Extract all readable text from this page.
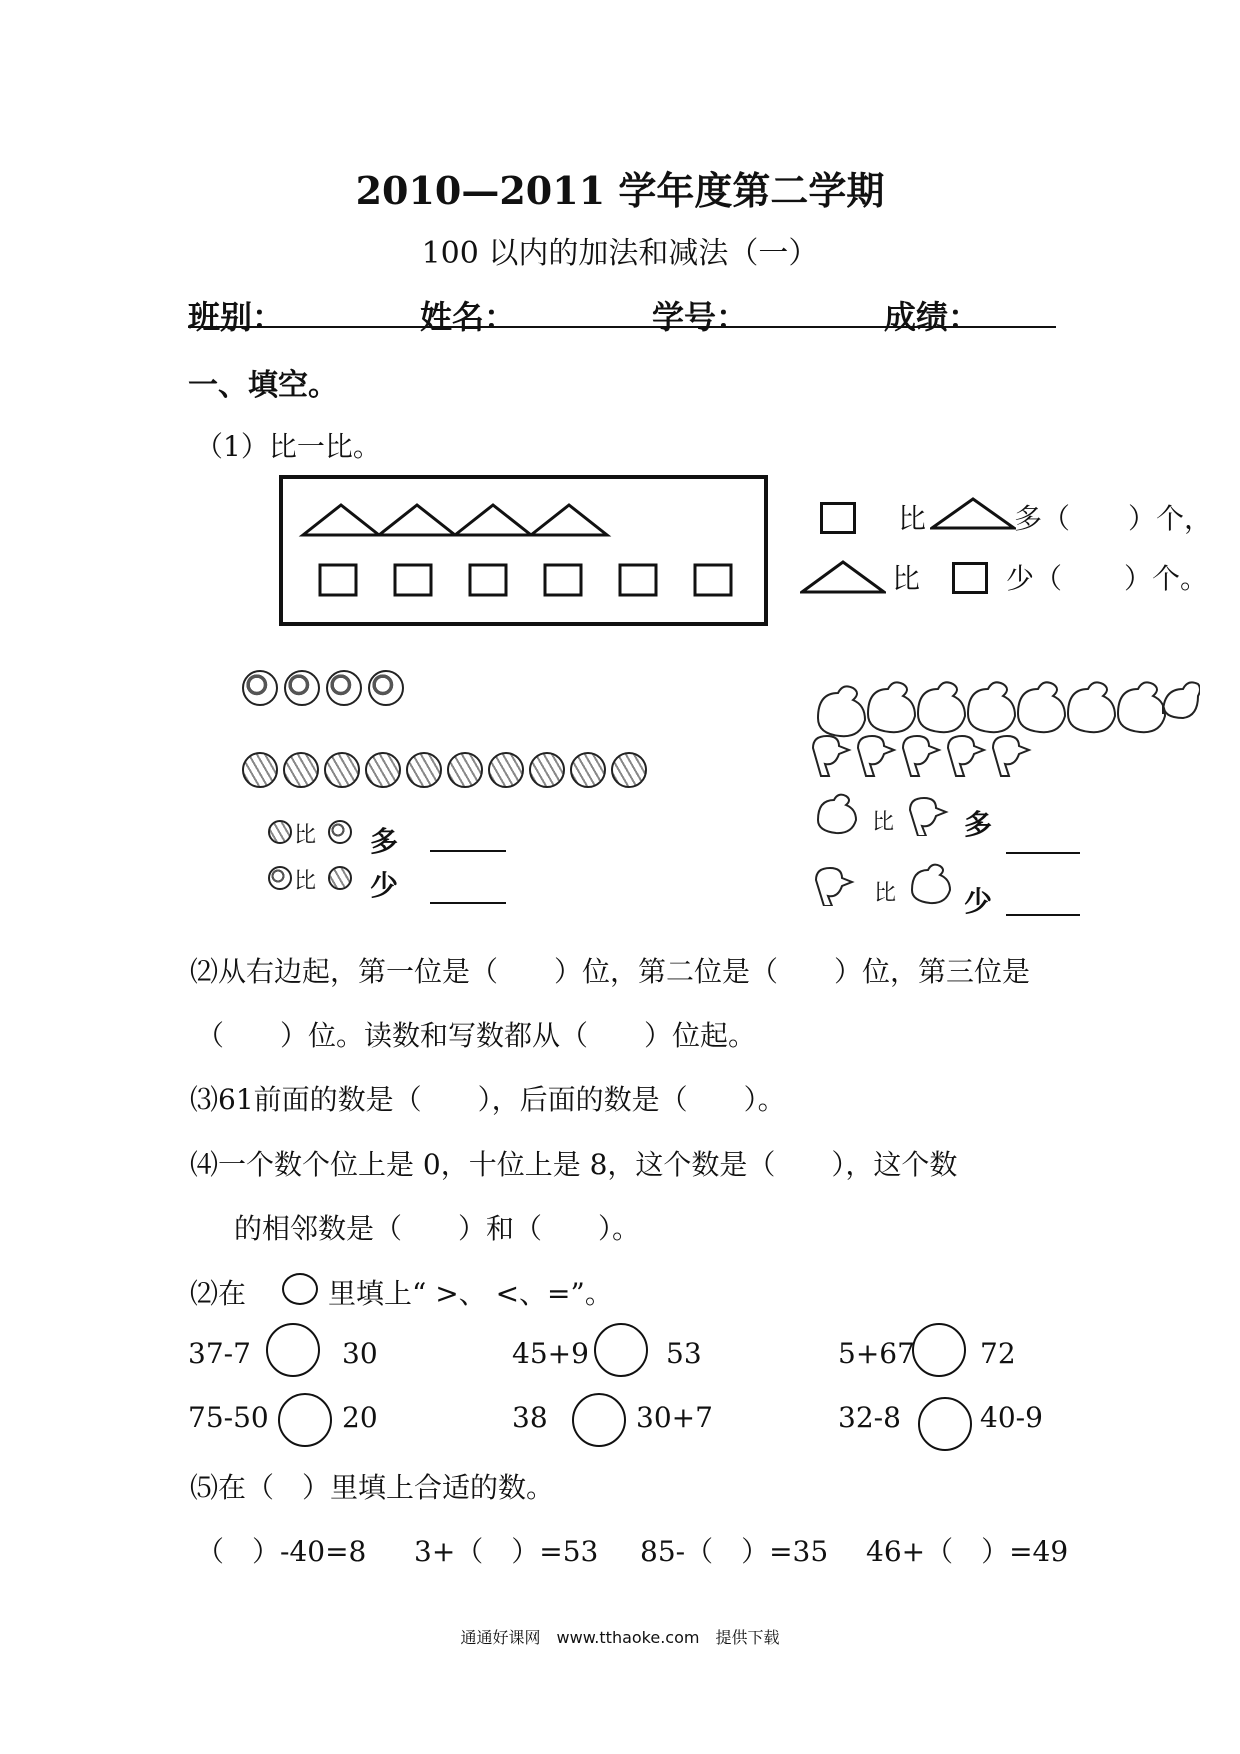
2010—2011 学年度第二学期
100 以内的加法和减法（一）
班别：	姓名：	学号：	成绩：
一、填空。
（1）比一比。
比	多（ ）个，
比	少（ ）个。
比 多
比 少
比 多
比 少
⑵从右边起，第一位是（　　）位，第二位是（　　）位，第三位是
（　　）位。读数和写数都从（　　）位起。
⑶61前面的数是（　　），后面的数是（　　）。
⑷一个数个位上是 0，十位上是 8，这个数是（　　），这个数
的相邻数是（　　）和（　　）。
⑵在	里填上“ >、 <、=”。
37-7	30	45+9	53	5+67 72
75-50	20	38	30+7	32-8	40-9
⑸在（　）里填上合适的数。
（　）-40=8 3+（　）=53 85-（　）=35 46+（　）=49
通通好课网　www.tthaoke.com　提供下载
